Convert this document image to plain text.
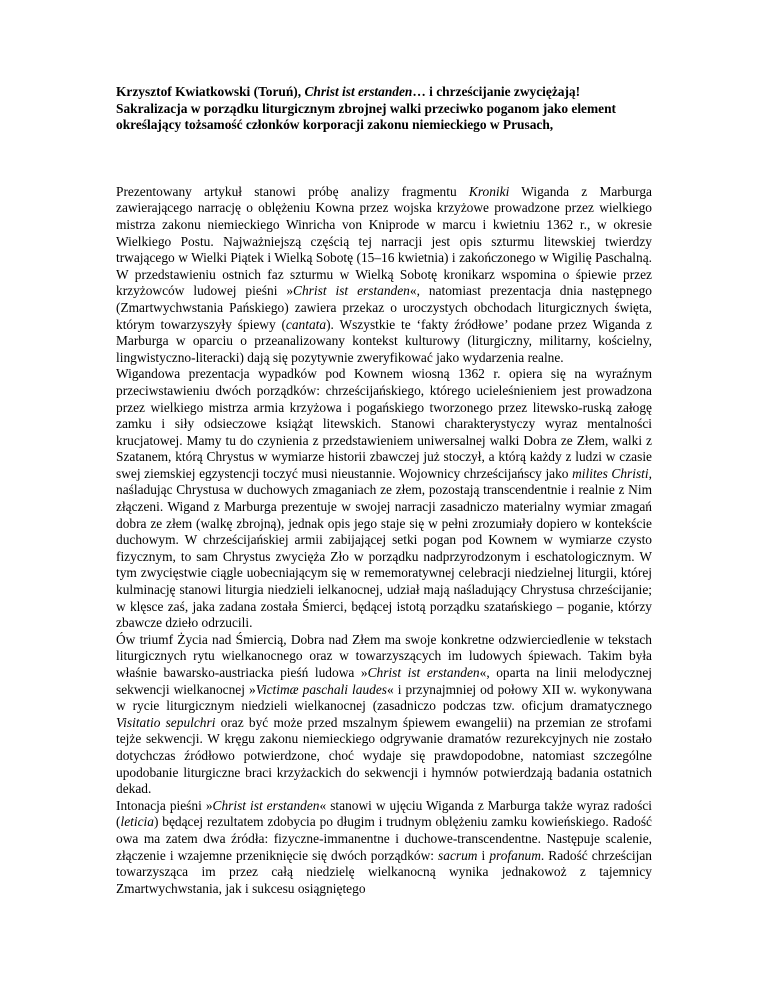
Krzysztof Kwiatkowski (Toruń), Christ ist erstanden… i chrześcijanie zwyciężają! Sakralizacja w porządku liturgicznym zbrojnej walki przeciwko poganom jako element określający tożsamość członków korporacji zakonu niemieckiego w Prusach,

Prezentowany artykuł stanowi próbę analizy fragmentu Kroniki Wiganda z Marburga zawierającego narrację o oblężeniu Kowna przez wojska krzyżowe prowadzone przez wielkiego mistrza zakonu niemieckiego Winricha von Kniprode w marcu i kwietniu 1362 r., w okresie Wielkiego Postu. Najważniejszą częścią tej narracji jest opis szturmu litewskiej twierdzy trwającego w Wielki Piątek i Wielką Sobotę (15–16 kwietnia) i zakończonego w Wigilię Paschalną. W przedstawieniu ostnich faz szturmu w Wielką Sobotę kronikarz wspomina o śpiewie przez krzyżowców ludowej pieśni »Christ ist erstanden«, natomiast prezentacja dnia następnego (Zmartwychwstania Pańskiego) zawiera przekaz o uroczystych obchodach liturgicznych święta, którym towarzyszyły śpiewy (cantata). Wszystkie te ‘fakty źródłowe’ podane przez Wiganda z Marburga w oparciu o przeanalizowany kontekst kulturowy (liturgiczny, militarny, kościelny, lingwistyczno-literacki) dają się pozytywnie zweryfikować jako wydarzenia realne.

Wigandowa prezentacja wypadków pod Kownem wiosną 1362 r. opiera się na wyraźnym przeciwstawieniu dwóch porządków: chrześcijańskiego, którego ucieleśnieniem jest prowadzona przez wielkiego mistrza armia krzyżowa i pogańskiego tworzonego przez litewsko-ruską załogę zamku i siły odsieczowe książąt litewskich. Stanowi charakterystyczy wyraz mentalności krucjatowej. Mamy tu do czynienia z przedstawieniem uniwersalnej walki Dobra ze Złem, walki z Szatanem, którą Chrystus w wymiarze historii zbawczej już stoczył, a którą każdy z ludzi w czasie swej ziemskiej egzystencji toczyć musi nieustannie. Wojownicy chrześcijańscy jako milites Christi, naśladując Chrystusa w duchowych zmaganiach ze złem, pozostają transcendentnie i realnie z Nim złączeni. Wigand z Marburga prezentuje w swojej narracji zasadniczo materialny wymiar zmagań dobra ze złem (walkę zbrojną), jednak opis jego staje się w pełni zrozumiały dopiero w kontekście duchowym. W chrześcijańskiej armii zabijającej setki pogan pod Kownem w wymiarze czysto fizycznym, to sam Chrystus zwycięża Zło w porządku nadprzyrodzonym i eschatologicznym. W tym zwycięstwie ciągle uobecniającym się w rememoratywnej celebracji niedzielnej liturgii, której kulminację stanowi liturgia niedzieli ielkanocnej, udział mają naśladujący Chrystusa chrześcijanie; w klęsce zaś, jaka zadana została Śmierci, będącej istotą porządku szatańskiego – poganie, którzy zbawcze dzieło odrzucili.

Ów triumf Życia nad Śmiercią, Dobra nad Złem ma swoje konkretne odzwierciedlenie w tekstach liturgicznych rytu wielkanocnego oraz w towarzyszących im ludowych śpiewach. Takim była właśnie bawarsko-austriacka pieśń ludowa »Christ ist erstanden«, oparta na linii melodycznej sekwencji wielkanocnej »Victimæ paschali laudes« i przynajmniej od połowy XII w. wykonywana w rycie liturgicznym niedzieli wielkanocnej (zasadniczo podczas tzw. oficjum dramatycznego Visitatio sepulchri oraz być może przed mszalnym śpiewem ewangelii) na przemian ze strofami tejże sekwencji. W kręgu zakonu niemieckiego odgrywanie dramatów rezurekcyjnych nie zostało dotychczas źródłowo potwierdzone, choć wydaje się prawdopodobne, natomiast szczególne upodobanie liturgiczne braci krzyżackich do sekwencji i hymnów potwierdzają badania ostatnich dekad.

Intonacja pieśni »Christ ist erstanden« stanowi w ujęciu Wiganda z Marburga także wyraz radości (leticia) będącej rezultatem zdobycia po długim i trudnym oblężeniu zamku kowieńskiego. Radość owa ma zatem dwa źródła: fizyczne-immanentne i duchowe-transcendentne. Następuje scalenie, złączenie i wzajemne przeniknięcie się dwóch porządków: sacrum i profanum. Radość chrześcijan towarzysząca im przez całą niedzielę wielkanocną wynika jednakowoż z tajemnicy Zmartwychwstania, jak i sukcesu osiągniętego
